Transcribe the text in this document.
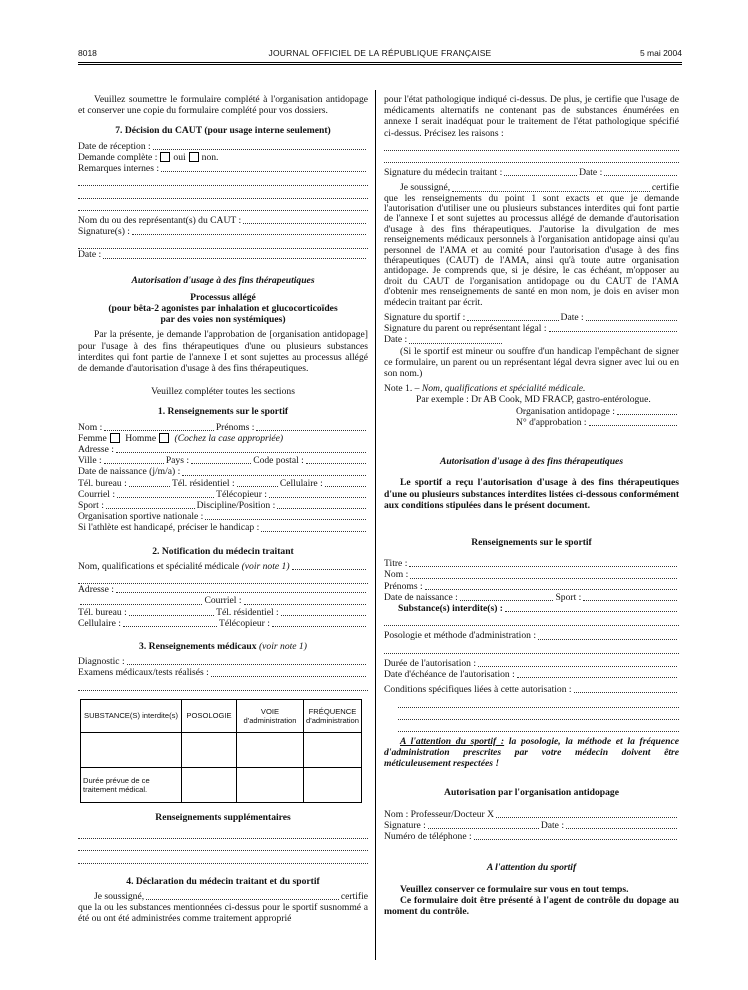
8018	JOURNAL OFFICIEL DE LA RÉPUBLIQUE FRANÇAISE	5 mai 2004

Veuillez soumettre le formulaire complété à l'organisation antidopage et conserver une copie du formulaire complété pour vos dossiers.

7. Décision du CAUT (pour usage interne seulement)

Date de réception :
Demande complète : oui non.
Remarques internes :
Nom du ou des représentant(s) du CAUT :
Signature(s) :
Date :

Autorisation d'usage à des fins thérapeutiques

Processus allégé

(pour bêta-2 agonistes par inhalation et glucocorticoïdes

par des voies non systémiques)

Par la présente, je demande l'approbation de [organisation antidopage] pour l'usage à des fins thérapeutiques d'une ou plusieurs substances interdites qui font partie de l'annexe I et sont sujettes au processus allégé de demande d'autorisation d'usage à des fins thérapeutiques.

Veuillez compléter toutes les sections

1. Renseignements sur le sportif

Nom :	Prénoms :
Femme
Homme
(Cochez la case appropriée)
Adresse :
Ville :	Pays :	Code postal :
Date de naissance (j/m/a) :
Tél. bureau :	Tél. résidentiel :	Cellulaire :
Courriel :	Télécopieur :
Sport :	Discipline/Position :
Organisation sportive nationale :
Si l'athlète est handicapé, préciser le handicap :

2. Notification du médecin traitant

Nom, qualifications et spécialité médicale
(voir note 1)
Adresse :
Courriel :
Tél. bureau :	Tél. résidentiel :
Cellulaire :	Télécopieur :

3. Renseignements médicaux (voir note 1)

Diagnostic :
Examens médicaux/tests réalisés :
SUBSTANCE(S) interdite(s)	POSOLOGIE	VOIE d'administration	FRÉQUENCE d'administration

Durée prévue de ce traitement médical.			

Renseignements supplémentaires

4. Déclaration du médecin traitant et du sportif

Je soussigné,	certifie

que la ou les substances mentionnées ci-dessus pour le sportif susnommé a été ou ont été administrées comme traitement approprié

pour l'état pathologique indiqué ci-dessus. De plus, je certifie que l'usage de médicaments alternatifs ne contenant pas de substances énumérées en annexe I serait inadéquat pour le traitement de l'état pathologique spécifié ci-dessus. Précisez les raisons :

Signature du médecin traitant :	Date :
Je soussigné,	certifie

que les renseignements du point 1 sont exacts et que je demande l'autorisation d'utiliser une ou plusieurs substances interdites qui font partie de l'annexe I et sont sujettes au processus allégé de demande d'autorisation d'usage à des fins thérapeutiques. J'autorise la divulgation de mes renseignements médicaux personnels à l'organisation antidopage ainsi qu'au personnel de l'AMA et au comité pour l'autorisation d'usage à des fins thérapeutiques (CAUT) de l'AMA, ainsi qu'à toute autre organisation antidopage. Je comprends que, si je désire, le cas échéant, m'opposer au droit du CAUT de l'organisation antidopage ou du CAUT de l'AMA d'obtenir mes renseignements de santé en mon nom, je dois en aviser mon médecin traitant par écrit.

Signature du sportif :	Date :
Signature du parent ou représentant légal :
Date :

(Si le sportif est mineur ou souffre d'un handicap l'empêchant de signer ce formulaire, un parent ou un représentant légal devra signer avec lui ou en son nom.)

Note 1. – Nom, qualifications et spécialité médicale.

Par exemple : Dr AB Cook, MD FRACP, gastro-entérologue.

Organisation antidopage :
N° d'approbation :

Autorisation d'usage à des fins thérapeutiques

Le sportif a reçu l'autorisation d'usage à des fins thérapeutiques d'une ou plusieurs substances interdites listées ci-dessous conformément aux conditions stipulées dans le présent document.

Renseignements sur le sportif

Titre :
Nom :
Prénoms :
Date de naissance :	Sport :
Substance(s) interdite(s) :
Posologie et méthode d'administration :
Durée de l'autorisation :
Date d'échéance de l'autorisation :
Conditions spécifiques liées à cette autorisation :

A l'attention du sportif : la posologie, la méthode et la fréquence d'administration prescrites par votre médecin doivent être méticuleusement respectées !

Autorisation par l'organisation antidopage

Nom : Professeur/Docteur X
Signature :	Date :
Numéro de téléphone :

A l'attention du sportif

Veuillez conserver ce formulaire sur vous en tout temps.

Ce formulaire doit être présenté à l'agent de contrôle du dopage au moment du contrôle.
